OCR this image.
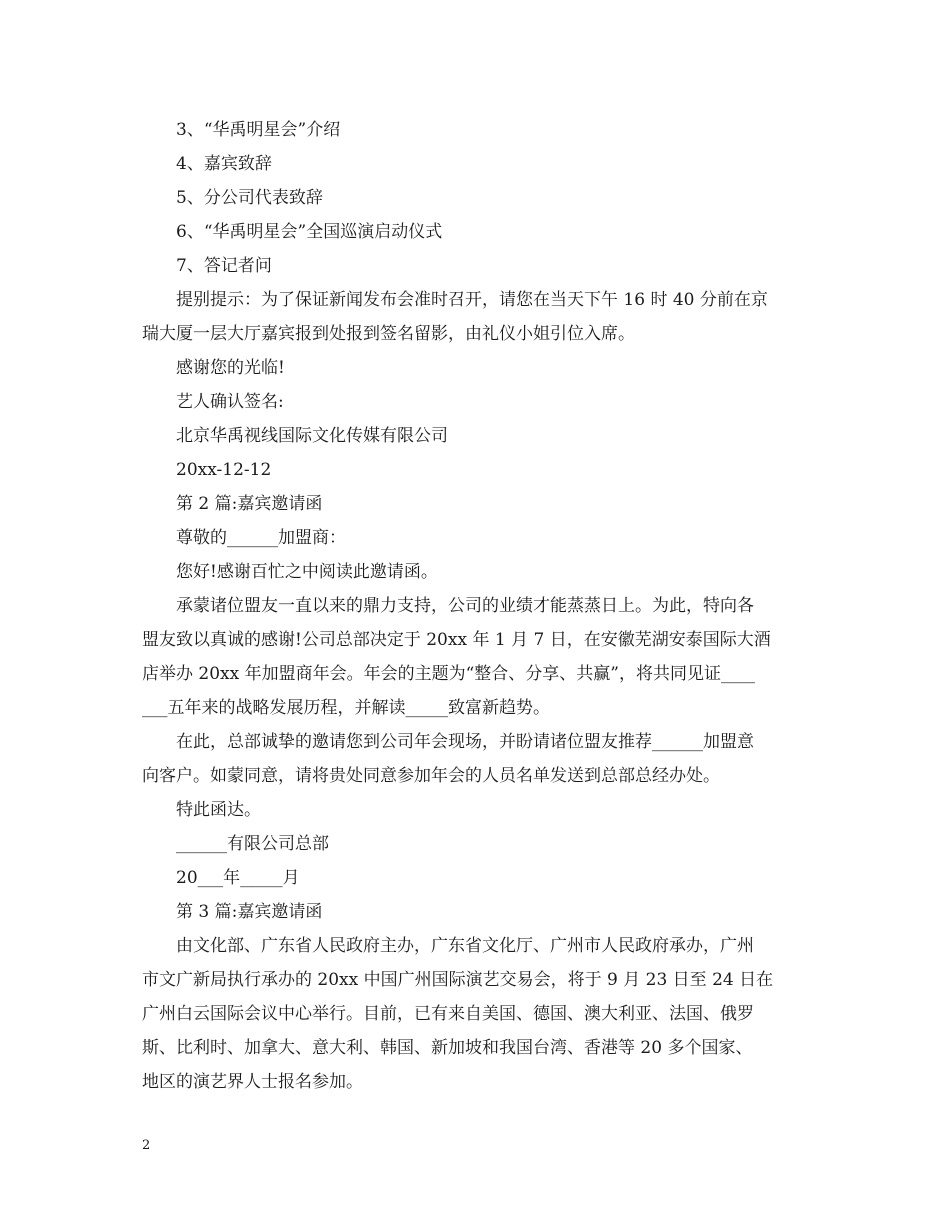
3、“华禹明星会”介绍
4、嘉宾致辞
5、分公司代表致辞
6、“华禹明星会”全国巡演启动仪式
7、答记者问
提别提示：为了保证新闻发布会准时召开，请您在当天下午 16 时 40 分前在京
瑞大厦一层大厅嘉宾报到处报到签名留影，由礼仪小姐引位入席。
感谢您的光临!
艺人确认签名:
北京华禹视线国际文化传媒有限公司
20xx-12-12
第 2 篇:嘉宾邀请函
尊敬的______加盟商：
您好!感谢百忙之中阅读此邀请函。
承蒙诸位盟友一直以来的鼎力支持，公司的业绩才能蒸蒸日上。为此，特向各
盟友致以真诚的感谢!公司总部决定于 20xx 年 1 月 7 日，在安徽芜湖安泰国际大酒
店举办 20xx 年加盟商年会。年会的主题为“整合、分享、共赢”，将共同见证____
___五年来的战略发展历程，并解读_____致富新趋势。
在此，总部诚挚的邀请您到公司年会现场，并盼请诸位盟友推荐______加盟意
向客户。如蒙同意，请将贵处同意参加年会的人员名单发送到总部总经办处。
特此函达。
______有限公司总部
20___年_____月
第 3 篇:嘉宾邀请函
由文化部、广东省人民政府主办，广东省文化厅、广州市人民政府承办，广州
市文广新局执行承办的 20xx 中国广州国际演艺交易会，将于 9 月 23 日至 24 日在
广州白云国际会议中心举行。目前，已有来自美国、德国、澳大利亚、法国、俄罗
斯、比利时、加拿大、意大利、韩国、新加坡和我国台湾、香港等 20 多个国家、
地区的演艺界人士报名参加。
2
